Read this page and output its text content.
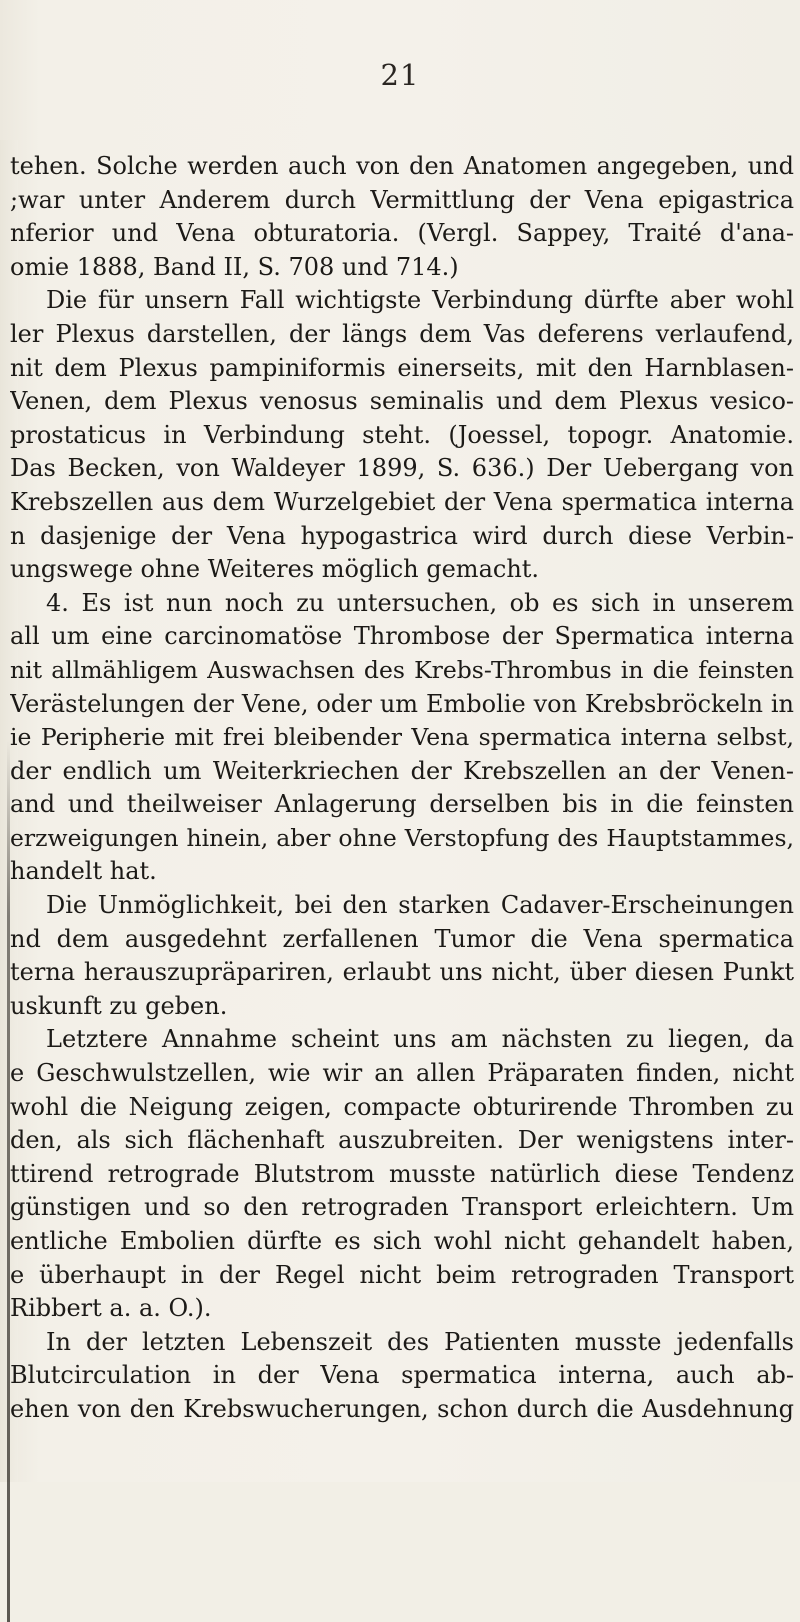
21
tehen. Solche werden auch von den Anatomen angegeben, und
;war unter Anderem durch Vermittlung der Vena epigastrica
nferior und Vena obturatoria. (Vergl. Sappey, Traité d'ana-
omie 1888, Band II, S. 708 und 714.)
Die für unsern Fall wichtigste Verbindung dürfte aber wohl
ler Plexus darstellen, der längs dem Vas deferens verlaufend,
nit dem Plexus pampiniformis einerseits, mit den Harnblasen-
Venen, dem Plexus venosus seminalis und dem Plexus vesico-
prostaticus in Verbindung steht. (Joessel, topogr. Anatomie.
Das Becken, von Waldeyer 1899, S. 636.) Der Uebergang von
Krebszellen aus dem Wurzelgebiet der Vena spermatica interna
n dasjenige der Vena hypogastrica wird durch diese Verbin-
ungswege ohne Weiteres möglich gemacht.
4. Es ist nun noch zu untersuchen, ob es sich in unserem
all um eine carcinomatöse Thrombose der Spermatica interna
nit allmähligem Auswachsen des Krebs-Thrombus in die feinsten
Verästelungen der Vene, oder um Embolie von Krebsbröckeln in
ie Peripherie mit frei bleibender Vena spermatica interna selbst,
der endlich um Weiterkriechen der Krebszellen an der Venen-
and und theilweiser Anlagerung derselben bis in die feinsten
erzweigungen hinein, aber ohne Verstopfung des Hauptstammes,
handelt hat.
Die Unmöglichkeit, bei den starken Cadaver-Erscheinungen
nd dem ausgedehnt zerfallenen Tumor die Vena spermatica
terna herauszupräpariren, erlaubt uns nicht, über diesen Punkt
uskunft zu geben.
Letztere Annahme scheint uns am nächsten zu liegen, da
e Geschwulstzellen, wie wir an allen Präparaten finden, nicht
wohl die Neigung zeigen, compacte obturirende Thromben zu
den, als sich flächenhaft auszubreiten. Der wenigstens inter-
ttirend retrograde Blutstrom musste natürlich diese Tendenz
günstigen und so den retrograden Transport erleichtern. Um
entliche Embolien dürfte es sich wohl nicht gehandelt haben,
e überhaupt in der Regel nicht beim retrograden Transport
Ribbert a. a. O.).
In der letzten Lebenszeit des Patienten musste jedenfalls
Blutcirculation in der Vena spermatica interna, auch ab-
ehen von den Krebswucherungen, schon durch die Ausdehnung
